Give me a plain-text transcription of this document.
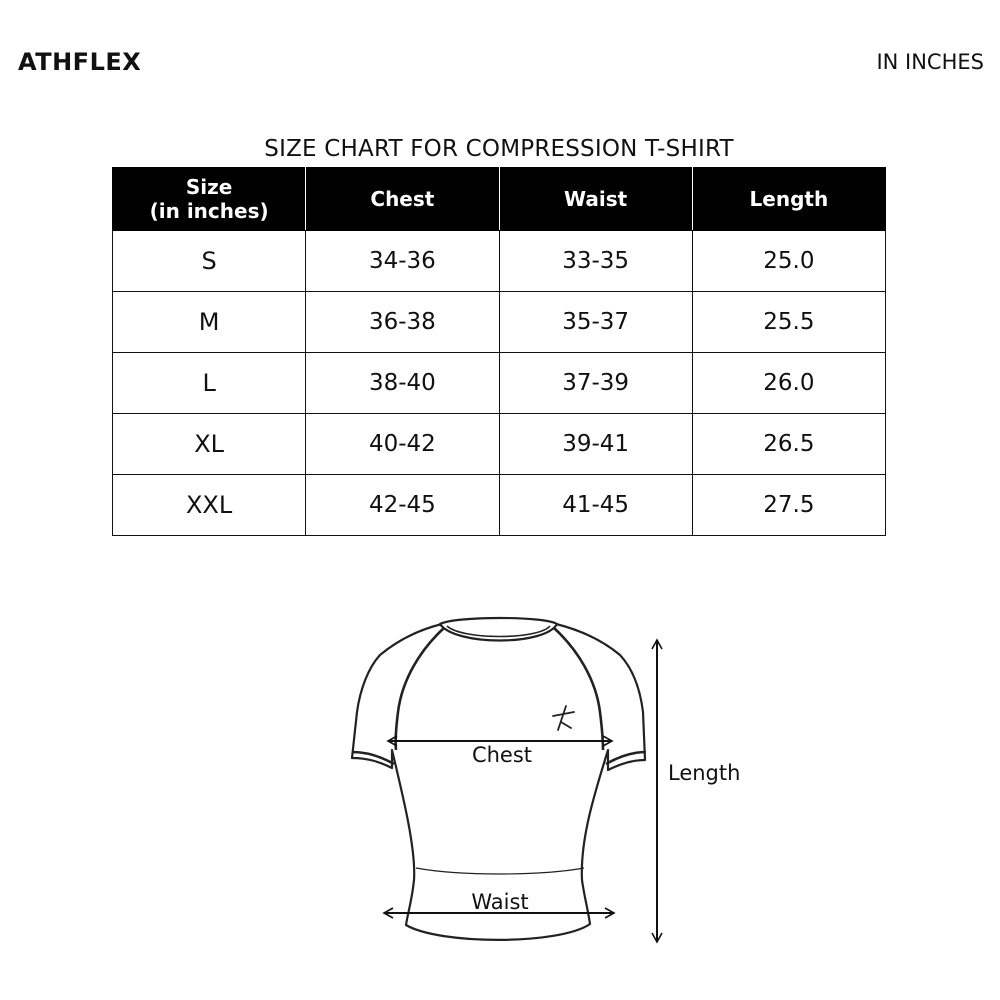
ATHFLEX	IN INCHES
SIZE CHART FOR COMPRESSION T-SHIRT
Size
(in inches)	Chest	Waist	Length
S	34-36	33-35	25.0
M	36-38	35-37	25.5
L	38-40	37-39	26.0
XL	40-42	39-41	26.5
XXL	42-45	41-45	27.5
Chest
Waist
Length
